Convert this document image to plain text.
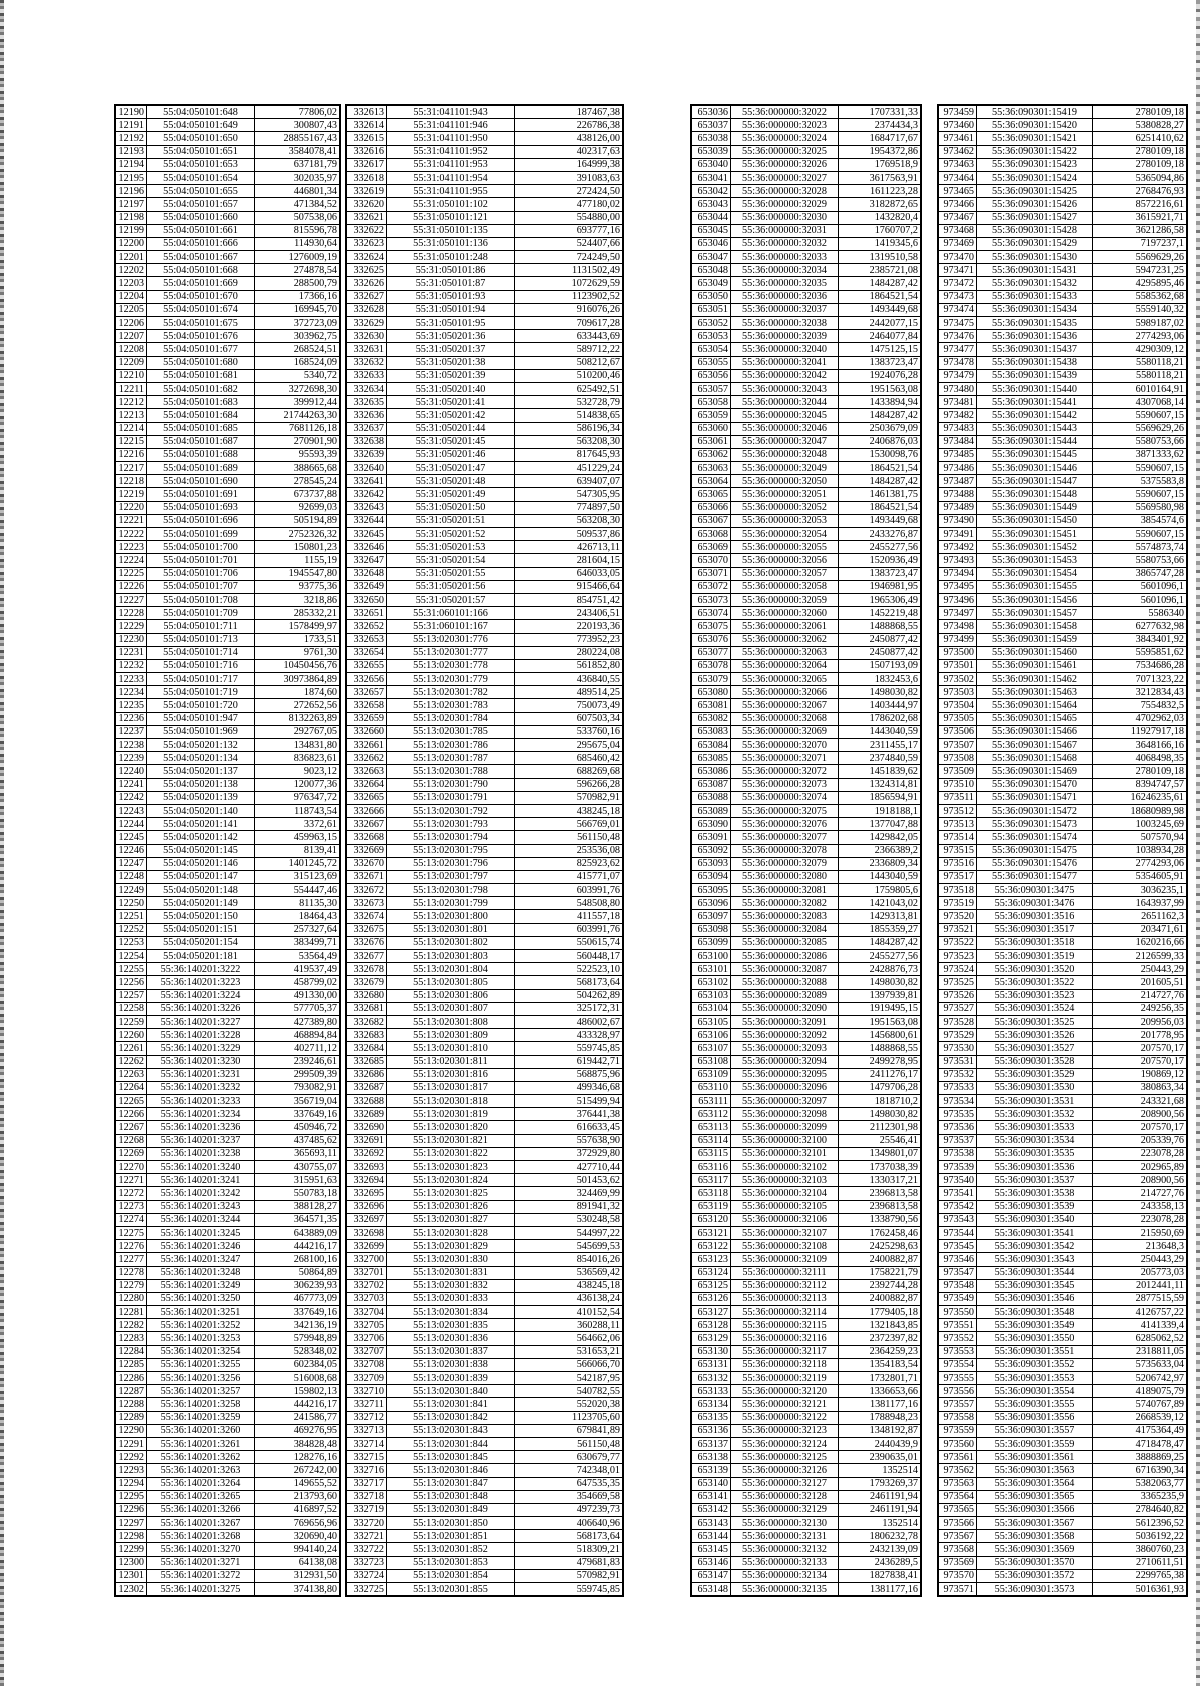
12190	55:04:050101:648	77806,02
12191	55:04:050101:649	300807,43
12192	55:04:050101:650	28855167,43
12193	55:04:050101:651	3584078,41
12194	55:04:050101:653	637181,79
12195	55:04:050101:654	302035,97
12196	55:04:050101:655	446801,34
12197	55:04:050101:657	471384,52
12198	55:04:050101:660	507538,06
12199	55:04:050101:661	815596,78
12200	55:04:050101:666	114930,64
12201	55:04:050101:667	1276009,19
12202	55:04:050101:668	274878,54
12203	55:04:050101:669	288500,79
12204	55:04:050101:670	17366,16
12205	55:04:050101:674	169945,70
12206	55:04:050101:675	372723,09
12207	55:04:050101:676	303962,75
12208	55:04:050101:677	268524,51
12209	55:04:050101:680	168524,09
12210	55:04:050101:681	5340,72
12211	55:04:050101:682	3272698,30
12212	55:04:050101:683	399912,44
12213	55:04:050101:684	21744263,30
12214	55:04:050101:685	7681126,18
12215	55:04:050101:687	270901,90
12216	55:04:050101:688	95593,39
12217	55:04:050101:689	388665,68
12218	55:04:050101:690	278545,24
12219	55:04:050101:691	673737,88
12220	55:04:050101:693	92699,03
12221	55:04:050101:696	505194,89
12222	55:04:050101:699	2752326,32
12223	55:04:050101:700	150801,23
12224	55:04:050101:701	1155,19
12225	55:04:050101:706	1945547,80
12226	55:04:050101:707	93775,36
12227	55:04:050101:708	3218,86
12228	55:04:050101:709	285332,21
12229	55:04:050101:711	1578499,97
12230	55:04:050101:713	1733,51
12231	55:04:050101:714	9761,30
12232	55:04:050101:716	10450456,76
12233	55:04:050101:717	30973864,89
12234	55:04:050101:719	1874,60
12235	55:04:050101:720	272652,56
12236	55:04:050101:947	8132263,89
12237	55:04:050101:969	292767,05
12238	55:04:050201:132	134831,80
12239	55:04:050201:134	836823,61
12240	55:04:050201:137	9023,12
12241	55:04:050201:138	120077,36
12242	55:04:050201:139	976347,72
12243	55:04:050201:140	118743,54
12244	55:04:050201:141	3372,61
12245	55:04:050201:142	459963,15
12246	55:04:050201:145	8139,41
12247	55:04:050201:146	1401245,72
12248	55:04:050201:147	315123,69
12249	55:04:050201:148	554447,46
12250	55:04:050201:149	81135,30
12251	55:04:050201:150	18464,43
12252	55:04:050201:151	257327,64
12253	55:04:050201:154	383499,71
12254	55:04:050201:181	53564,49
12255	55:36:140201:3222	419537,49
12256	55:36:140201:3223	458799,02
12257	55:36:140201:3224	491330,00
12258	55:36:140201:3226	577705,37
12259	55:36:140201:3227	427389,80
12260	55:36:140201:3228	468894,84
12261	55:36:140201:3229	402711,12
12262	55:36:140201:3230	239246,61
12263	55:36:140201:3231	299509,39
12264	55:36:140201:3232	793082,91
12265	55:36:140201:3233	356719,04
12266	55:36:140201:3234	337649,16
12267	55:36:140201:3236	450946,72
12268	55:36:140201:3237	437485,62
12269	55:36:140201:3238	365693,11
12270	55:36:140201:3240	430755,07
12271	55:36:140201:3241	315951,63
12272	55:36:140201:3242	550783,18
12273	55:36:140201:3243	388128,27
12274	55:36:140201:3244	364571,35
12275	55:36:140201:3245	643889,09
12276	55:36:140201:3246	444216,17
12277	55:36:140201:3247	268100,16
12278	55:36:140201:3248	50864,89
12279	55:36:140201:3249	306239,93
12280	55:36:140201:3250	467773,09
12281	55:36:140201:3251	337649,16
12282	55:36:140201:3252	342136,19
12283	55:36:140201:3253	579948,89
12284	55:36:140201:3254	528348,02
12285	55:36:140201:3255	602384,05
12286	55:36:140201:3256	516008,68
12287	55:36:140201:3257	159802,13
12288	55:36:140201:3258	444216,17
12289	55:36:140201:3259	241586,77
12290	55:36:140201:3260	469276,95
12291	55:36:140201:3261	384828,48
12292	55:36:140201:3262	128276,16
12293	55:36:140201:3263	267242,00
12294	55:36:140201:3264	149655,52
12295	55:36:140201:3265	213793,60
12296	55:36:140201:3266	416897,52
12297	55:36:140201:3267	769656,96
12298	55:36:140201:3268	320690,40
12299	55:36:140201:3270	994140,24
12300	55:36:140201:3271	64138,08
12301	55:36:140201:3272	312931,50
12302	55:36:140201:3275	374138,80
332613	55:31:041101:943	187467,38
332614	55:31:041101:946	226786,38
332615	55:31:041101:950	438126,00
332616	55:31:041101:952	402317,63
332617	55:31:041101:953	164999,38
332618	55:31:041101:954	391083,63
332619	55:31:041101:955	272424,50
332620	55:31:050101:102	477180,02
332621	55:31:050101:121	554880,00
332622	55:31:050101:135	693777,16
332623	55:31:050101:136	524407,66
332624	55:31:050101:248	724249,50
332625	55:31:050101:86	1131502,49
332626	55:31:050101:87	1072629,59
332627	55:31:050101:93	1123902,52
332628	55:31:050101:94	916076,26
332629	55:31:050101:95	709617,28
332630	55:31:050201:36	633443,69
332631	55:31:050201:37	589712,22
332632	55:31:050201:38	508212,67
332633	55:31:050201:39	510200,46
332634	55:31:050201:40	625492,51
332635	55:31:050201:41	532728,79
332636	55:31:050201:42	514838,65
332637	55:31:050201:44	586196,34
332638	55:31:050201:45	563208,30
332639	55:31:050201:46	817645,93
332640	55:31:050201:47	451229,24
332641	55:31:050201:48	639407,07
332642	55:31:050201:49	547305,95
332643	55:31:050201:50	774897,50
332644	55:31:050201:51	563208,30
332645	55:31:050201:52	509537,86
332646	55:31:050201:53	426713,11
332647	55:31:050201:54	281604,15
332648	55:31:050201:55	646033,05
332649	55:31:050201:56	915466,64
332650	55:31:050201:57	854751,42
332651	55:31:060101:166	243406,51
332652	55:31:060101:167	220193,36
332653	55:13:020301:776	773952,23
332654	55:13:020301:777	280224,08
332655	55:13:020301:778	561852,80
332656	55:13:020301:779	436840,55
332657	55:13:020301:782	489514,25
332658	55:13:020301:783	750073,49
332659	55:13:020301:784	607503,34
332660	55:13:020301:785	533760,16
332661	55:13:020301:786	295675,04
332662	55:13:020301:787	685460,42
332663	55:13:020301:788	688269,68
332664	55:13:020301:790	596266,28
332665	55:13:020301:791	570982,91
332666	55:13:020301:792	438245,18
332667	55:13:020301:793	566769,01
332668	55:13:020301:794	561150,48
332669	55:13:020301:795	253536,08
332670	55:13:020301:796	825923,62
332671	55:13:020301:797	415771,07
332672	55:13:020301:798	603991,76
332673	55:13:020301:799	548508,80
332674	55:13:020301:800	411557,18
332675	55:13:020301:801	603991,76
332676	55:13:020301:802	550615,74
332677	55:13:020301:803	560448,17
332678	55:13:020301:804	522523,10
332679	55:13:020301:805	568173,64
332680	55:13:020301:806	504262,89
332681	55:13:020301:807	325172,31
332682	55:13:020301:808	486002,67
332683	55:13:020301:809	433328,97
332684	55:13:020301:810	559745,85
332685	55:13:020301:811	619442,71
332686	55:13:020301:816	568875,96
332687	55:13:020301:817	499346,68
332688	55:13:020301:818	515499,94
332689	55:13:020301:819	376441,38
332690	55:13:020301:820	616633,45
332691	55:13:020301:821	557638,90
332692	55:13:020301:822	372929,80
332693	55:13:020301:823	427710,44
332694	55:13:020301:824	501453,62
332695	55:13:020301:825	324469,99
332696	55:13:020301:826	891941,32
332697	55:13:020301:827	530248,58
332698	55:13:020301:828	544997,22
332699	55:13:020301:829	545699,53
332700	55:13:020301:830	854016,26
332701	55:13:020301:831	536569,42
332702	55:13:020301:832	438245,18
332703	55:13:020301:833	436138,24
332704	55:13:020301:834	410152,54
332705	55:13:020301:835	360288,11
332706	55:13:020301:836	564662,06
332707	55:13:020301:837	531653,21
332708	55:13:020301:838	566066,70
332709	55:13:020301:839	542187,95
332710	55:13:020301:840	540782,55
332711	55:13:020301:841	552020,38
332712	55:13:020301:842	1123705,60
332713	55:13:020301:843	679841,89
332714	55:13:020301:844	561150,48
332715	55:13:020301:845	630679,77
332716	55:13:020301:846	742348,01
332717	55:13:020301:847	647535,35
332718	55:13:020301:848	354669,58
332719	55:13:020301:849	497239,73
332720	55:13:020301:850	406640,96
332721	55:13:020301:851	568173,64
332722	55:13:020301:852	518309,21
332723	55:13:020301:853	479681,83
332724	55:13:020301:854	570982,91
332725	55:13:020301:855	559745,85
653036	55:36:000000:32022	1707331,33
653037	55:36:000000:32023	2374434,3
653038	55:36:000000:32024	1684717,67
653039	55:36:000000:32025	1954372,86
653040	55:36:000000:32026	1769518,9
653041	55:36:000000:32027	3617563,91
653042	55:36:000000:32028	1611223,28
653043	55:36:000000:32029	3182872,65
653044	55:36:000000:32030	1432820,4
653045	55:36:000000:32031	1760707,2
653046	55:36:000000:32032	1419345,6
653047	55:36:000000:32033	1319510,58
653048	55:36:000000:32034	2385721,08
653049	55:36:000000:32035	1484287,42
653050	55:36:000000:32036	1864521,54
653051	55:36:000000:32037	1493449,68
653052	55:36:000000:32038	2442077,15
653053	55:36:000000:32039	2464077,84
653054	55:36:000000:32040	1475125,15
653055	55:36:000000:32041	1383723,47
653056	55:36:000000:32042	1924076,28
653057	55:36:000000:32043	1951563,08
653058	55:36:000000:32044	1433894,94
653059	55:36:000000:32045	1484287,42
653060	55:36:000000:32046	2503679,09
653061	55:36:000000:32047	2406876,03
653062	55:36:000000:32048	1530098,76
653063	55:36:000000:32049	1864521,54
653064	55:36:000000:32050	1484287,42
653065	55:36:000000:32051	1461381,75
653066	55:36:000000:32052	1864521,54
653067	55:36:000000:32053	1493449,68
653068	55:36:000000:32054	2433276,87
653069	55:36:000000:32055	2455277,56
653070	55:36:000000:32056	1520936,49
653071	55:36:000000:32057	1383723,47
653072	55:36:000000:32058	1946981,95
653073	55:36:000000:32059	1965306,49
653074	55:36:000000:32060	1452219,48
653075	55:36:000000:32061	1488868,55
653076	55:36:000000:32062	2450877,42
653077	55:36:000000:32063	2450877,42
653078	55:36:000000:32064	1507193,09
653079	55:36:000000:32065	1832453,6
653080	55:36:000000:32066	1498030,82
653081	55:36:000000:32067	1403444,97
653082	55:36:000000:32068	1786202,68
653083	55:36:000000:32069	1443040,59
653084	55:36:000000:32070	2311455,17
653085	55:36:000000:32071	2374840,59
653086	55:36:000000:32072	1451839,62
653087	55:36:000000:32073	1324314,81
653088	55:36:000000:32074	1856594,91
653089	55:36:000000:32075	1918188,1
653090	55:36:000000:32076	1377047,88
653091	55:36:000000:32077	1429842,05
653092	55:36:000000:32078	2366389,2
653093	55:36:000000:32079	2336809,34
653094	55:36:000000:32080	1443040,59
653095	55:36:000000:32081	1759805,6
653096	55:36:000000:32082	1421043,02
653097	55:36:000000:32083	1429313,81
653098	55:36:000000:32084	1855359,27
653099	55:36:000000:32085	1484287,42
653100	55:36:000000:32086	2455277,56
653101	55:36:000000:32087	2428876,73
653102	55:36:000000:32088	1498030,82
653103	55:36:000000:32089	1397939,81
653104	55:36:000000:32090	1919495,15
653105	55:36:000000:32091	1951563,08
653106	55:36:000000:32092	1456800,61
653107	55:36:000000:32093	1488868,55
653108	55:36:000000:32094	2499278,95
653109	55:36:000000:32095	2411276,17
653110	55:36:000000:32096	1479706,28
653111	55:36:000000:32097	1818710,2
653112	55:36:000000:32098	1498030,82
653113	55:36:000000:32099	2112301,98
653114	55:36:000000:32100	25546,41
653115	55:36:000000:32101	1349801,07
653116	55:36:000000:32102	1737038,39
653117	55:36:000000:32103	1330317,21
653118	55:36:000000:32104	2396813,58
653119	55:36:000000:32105	2396813,58
653120	55:36:000000:32106	1338790,56
653121	55:36:000000:32107	1762458,46
653122	55:36:000000:32108	2425298,63
653123	55:36:000000:32109	2400882,87
653124	55:36:000000:32111	1758221,79
653125	55:36:000000:32112	2392744,28
653126	55:36:000000:32113	2400882,87
653127	55:36:000000:32114	1779405,18
653128	55:36:000000:32115	1321843,85
653129	55:36:000000:32116	2372397,82
653130	55:36:000000:32117	2364259,23
653131	55:36:000000:32118	1354183,54
653132	55:36:000000:32119	1732801,71
653133	55:36:000000:32120	1336653,66
653134	55:36:000000:32121	1381177,16
653135	55:36:000000:32122	1788948,23
653136	55:36:000000:32123	1348192,87
653137	55:36:000000:32124	2440439,9
653138	55:36:000000:32125	2390635,01
653139	55:36:000000:32126	1352514
653140	55:36:000000:32127	1793269,37
653141	55:36:000000:32128	2461191,94
653142	55:36:000000:32129	2461191,94
653143	55:36:000000:32130	1352514
653144	55:36:000000:32131	1806232,78
653145	55:36:000000:32132	2432139,09
653146	55:36:000000:32133	2436289,5
653147	55:36:000000:32134	1827838,41
653148	55:36:000000:32135	1381177,16
973459	55:36:090301:15419	2780109,18
973460	55:36:090301:15420	5380828,27
973461	55:36:090301:15421	6251410,62
973462	55:36:090301:15422	2780109,18
973463	55:36:090301:15423	2780109,18
973464	55:36:090301:15424	5365094,86
973465	55:36:090301:15425	2768476,93
973466	55:36:090301:15426	8572216,61
973467	55:36:090301:15427	3615921,71
973468	55:36:090301:15428	3621286,58
973469	55:36:090301:15429	7197237,1
973470	55:36:090301:15430	5569629,26
973471	55:36:090301:15431	5947231,25
973472	55:36:090301:15432	4295895,46
973473	55:36:090301:15433	5585362,68
973474	55:36:090301:15434	5559140,32
973475	55:36:090301:15435	5989187,02
973476	55:36:090301:15436	2774293,06
973477	55:36:090301:15437	4290309,12
973478	55:36:090301:15438	5580118,21
973479	55:36:090301:15439	5580118,21
973480	55:36:090301:15440	6010164,91
973481	55:36:090301:15441	4307068,14
973482	55:36:090301:15442	5590607,15
973483	55:36:090301:15443	5569629,26
973484	55:36:090301:15444	5580753,66
973485	55:36:090301:15445	3871333,62
973486	55:36:090301:15446	5590607,15
973487	55:36:090301:15447	5375583,8
973488	55:36:090301:15448	5590607,15
973489	55:36:090301:15449	5569580,98
973490	55:36:090301:15450	3854574,6
973491	55:36:090301:15451	5590607,15
973492	55:36:090301:15452	5574873,74
973493	55:36:090301:15453	5580753,66
973494	55:36:090301:15454	3865747,28
973495	55:36:090301:15455	5601096,1
973496	55:36:090301:15456	5601096,1
973497	55:36:090301:15457	5586340
973498	55:36:090301:15458	6277632,98
973499	55:36:090301:15459	3843401,92
973500	55:36:090301:15460	5595851,62
973501	55:36:090301:15461	7534686,28
973502	55:36:090301:15462	7071323,22
973503	55:36:090301:15463	3212834,43
973504	55:36:090301:15464	7554832,5
973505	55:36:090301:15465	4702962,03
973506	55:36:090301:15466	11927917,18
973507	55:36:090301:15467	3648166,16
973508	55:36:090301:15468	4068498,35
973509	55:36:090301:15469	2780109,18
973510	55:36:090301:15470	8394747,57
973511	55:36:090301:15471	16246235,61
973512	55:36:090301:15472	18680989,98
973513	55:36:090301:15473	1003245,69
973514	55:36:090301:15474	507570,94
973515	55:36:090301:15475	1038934,28
973516	55:36:090301:15476	2774293,06
973517	55:36:090301:15477	5354605,91
973518	55:36:090301:3475	3036235,1
973519	55:36:090301:3476	1643937,99
973520	55:36:090301:3516	2651162,3
973521	55:36:090301:3517	203471,61
973522	55:36:090301:3518	1620216,66
973523	55:36:090301:3519	2126599,33
973524	55:36:090301:3520	250443,29
973525	55:36:090301:3522	201605,51
973526	55:36:090301:3523	214727,76
973527	55:36:090301:3524	249256,35
973528	55:36:090301:3525	209956,03
973529	55:36:090301:3526	201778,95
973530	55:36:090301:3527	207570,17
973531	55:36:090301:3528	207570,17
973532	55:36:090301:3529	190869,12
973533	55:36:090301:3530	380863,34
973534	55:36:090301:3531	243321,68
973535	55:36:090301:3532	208900,56
973536	55:36:090301:3533	207570,17
973537	55:36:090301:3534	205339,76
973538	55:36:090301:3535	223078,28
973539	55:36:090301:3536	202965,89
973540	55:36:090301:3537	208900,56
973541	55:36:090301:3538	214727,76
973542	55:36:090301:3539	243358,13
973543	55:36:090301:3540	223078,28
973544	55:36:090301:3541	215950,69
973545	55:36:090301:3542	213648,3
973546	55:36:090301:3543	250443,29
973547	55:36:090301:3544	205773,03
973548	55:36:090301:3545	2012441,11
973549	55:36:090301:3546	2877515,59
973550	55:36:090301:3548	4126757,22
973551	55:36:090301:3549	4141339,4
973552	55:36:090301:3550	6285062,52
973553	55:36:090301:3551	2318811,05
973554	55:36:090301:3552	5735633,04
973555	55:36:090301:3553	5206742,97
973556	55:36:090301:3554	4189075,79
973557	55:36:090301:3555	5740767,89
973558	55:36:090301:3556	2668539,12
973559	55:36:090301:3557	4175364,49
973560	55:36:090301:3559	4718478,47
973561	55:36:090301:3561	3888869,25
973562	55:36:090301:3563	6716390,34
973563	55:36:090301:3564	5382063,77
973564	55:36:090301:3565	3365235,9
973565	55:36:090301:3566	2784640,82
973566	55:36:090301:3567	5612396,52
973567	55:36:090301:3568	5036192,22
973568	55:36:090301:3569	3860760,23
973569	55:36:090301:3570	2710611,51
973570	55:36:090301:3572	2299765,38
973571	55:36:090301:3573	5016361,93
